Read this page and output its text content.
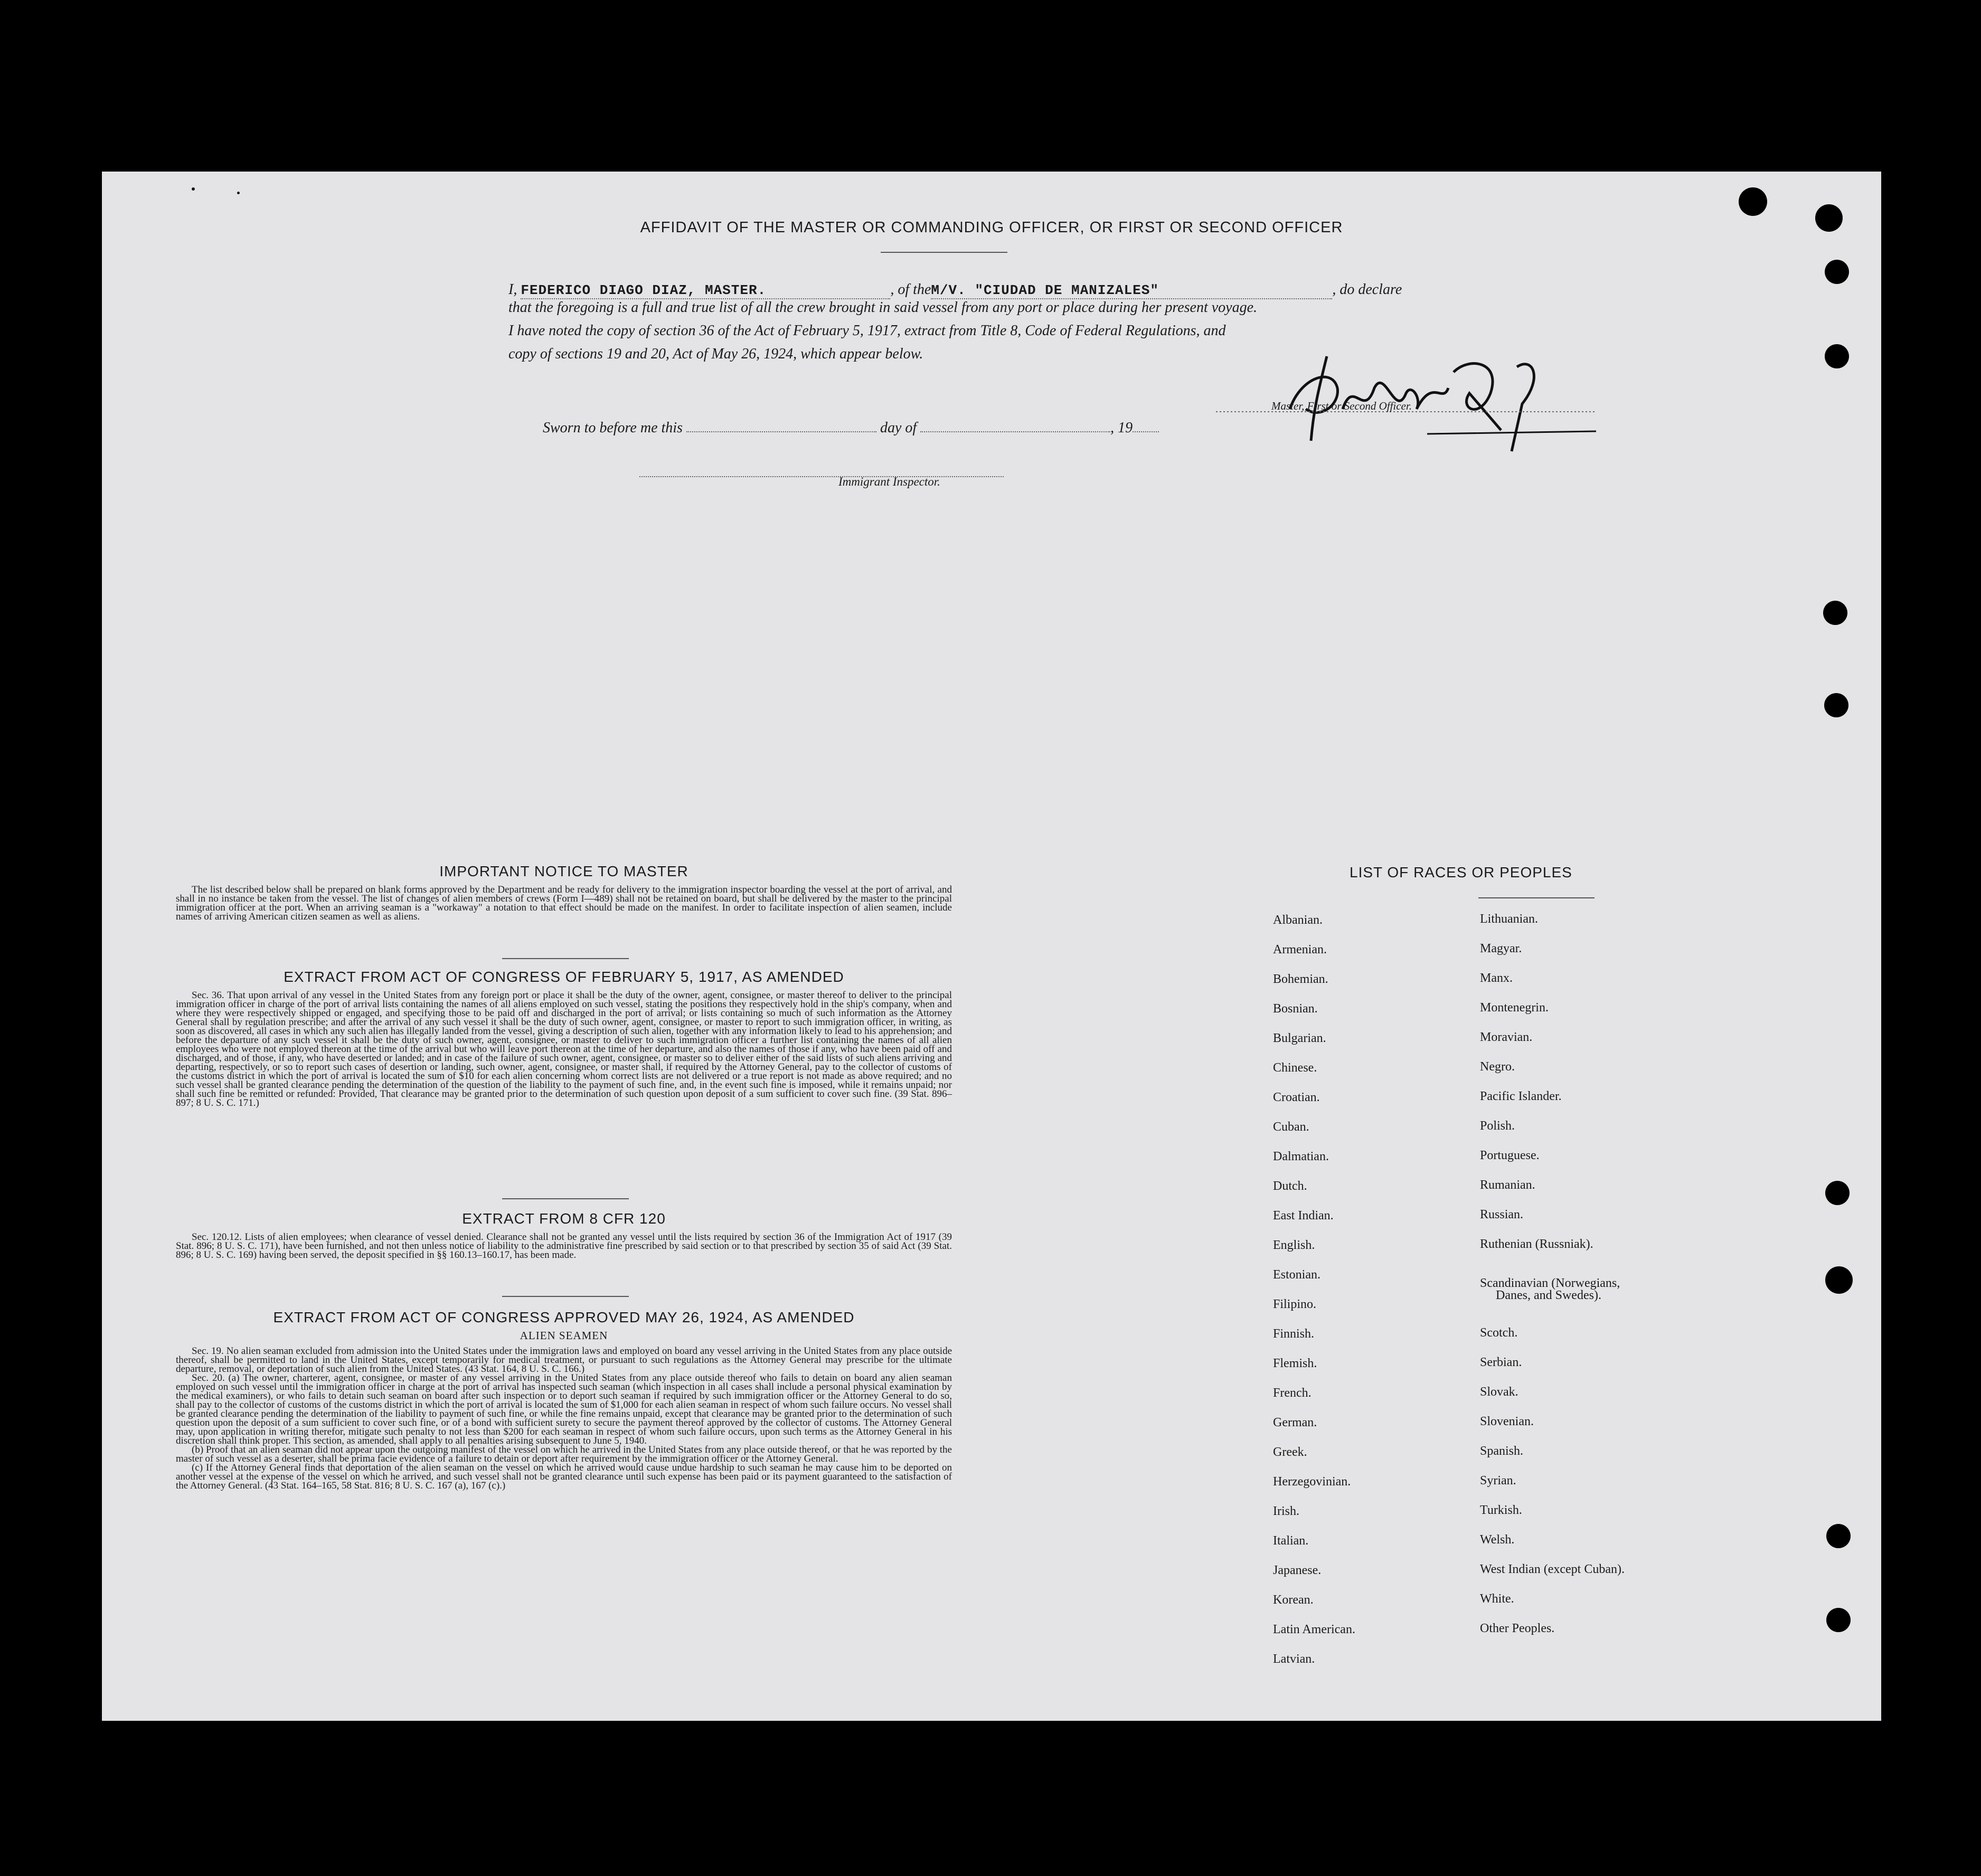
AFFIDAVIT OF THE MASTER OR COMMANDING OFFICER, OR FIRST OR SECOND OFFICER
I, FEDERICO DIAGO DIAZ, MASTER.	, of theM/V. "CIUDAD DE MANIZALES"	, do declare
that the foregoing is a full and true list of all the crew brought in said vessel from any port or place during her present voyage.
I have noted the copy of section 36 of the Act of February 5, 1917, extract from Title 8, Code of Federal Regulations, and
copy of sections 19 and 20, Act of May 26, 1924, which appear below.
Master, First or Second Officer.
Sworn to before me this	day of	, 19
Immigrant Inspector.
IMPORTANT NOTICE TO MASTER

The list described below shall be prepared on blank forms approved by the Department and be ready for delivery to the immigration inspector boarding the vessel at the port of arrival, and shall in no instance be taken from the vessel. The list of changes of alien members of crews (Form I—489) shall not be retained on board, but shall be delivered by the master to the principal immigration officer at the port. When an arriving seaman is a "workaway" a notation to that effect should be made on the manifest. In order to facilitate inspection of alien seamen, include names of arriving American citizen seamen as well as aliens.

EXTRACT FROM ACT OF CONGRESS OF FEBRUARY 5, 1917, AS AMENDED

Sec. 36. That upon arrival of any vessel in the United States from any foreign port or place it shall be the duty of the owner, agent, consignee, or master thereof to deliver to the principal immigration officer in charge of the port of arrival lists containing the names of all aliens employed on such vessel, stating the positions they respectively hold in the ship's company, when and where they were respectively shipped or engaged, and specifying those to be paid off and discharged in the port of arrival; or lists containing so much of such information as the Attorney General shall by regulation prescribe; and after the arrival of any such vessel it shall be the duty of such owner, agent, consignee, or master to report to such immigration officer, in writing, as soon as discovered, all cases in which any such alien has illegally landed from the vessel, giving a description of such alien, together with any information likely to lead to his apprehension; and before the departure of any such vessel it shall be the duty of such owner, agent, consignee, or master to deliver to such immigration officer a further list containing the names of all alien employees who were not employed thereon at the time of the arrival but who will leave port thereon at the time of her departure, and also the names of those if any, who have been paid off and discharged, and of those, if any, who have deserted or landed; and in case of the failure of such owner, agent, consignee, or master so to deliver either of the said lists of such aliens arriving and departing, respectively, or so to report such cases of desertion or landing, such owner, agent, consignee, or master shall, if required by the Attorney General, pay to the collector of customs of the customs district in which the port of arrival is located the sum of $10 for each alien concerning whom correct lists are not delivered or a true report is not made as above required; and no such vessel shall be granted clearance pending the determination of the question of the liability to the payment of such fine, and, in the event such fine is imposed, while it remains unpaid; nor shall such fine be remitted or refunded: Provided, That clearance may be granted prior to the determination of such question upon deposit of a sum sufficient to cover such fine. (39 Stat. 896–897; 8 U. S. C. 171.)

EXTRACT FROM 8 CFR 120

Sec. 120.12. Lists of alien employees; when clearance of vessel denied. Clearance shall not be granted any vessel until the lists required by section 36 of the Immigration Act of 1917 (39 Stat. 896; 8 U. S. C. 171), have been furnished, and not then unless notice of liability to the administrative fine prescribed by said section or to that prescribed by section 35 of said Act (39 Stat. 896; 8 U. S. C. 169) having been served, the deposit specified in §§ 160.13–160.17, has been made.

EXTRACT FROM ACT OF CONGRESS APPROVED MAY 26, 1924, AS AMENDED
ALIEN SEAMEN

Sec. 19. No alien seaman excluded from admission into the United States under the immigration laws and employed on board any vessel arriving in the United States from any place outside thereof, shall be permitted to land in the United States, except temporarily for medical treatment, or pursuant to such regulations as the Attorney General may prescribe for the ultimate departure, removal, or deportation of such alien from the United States. (43 Stat. 164, 8 U. S. C. 166.)

Sec. 20. (a) The owner, charterer, agent, consignee, or master of any vessel arriving in the United States from any place outside thereof who fails to detain on board any alien seaman employed on such vessel until the immigration officer in charge at the port of arrival has inspected such seaman (which inspection in all cases shall include a personal physical examination by the medical examiners), or who fails to detain such seaman on board after such inspection or to deport such seaman if required by such immigration officer or the Attorney General to do so, shall pay to the collector of customs of the customs district in which the port of arrival is located the sum of $1,000 for each alien seaman in respect of whom such failure occurs. No vessel shall be granted clearance pending the determination of the liability to payment of such fine, or while the fine remains unpaid, except that clearance may be granted prior to the determination of such question upon the deposit of a sum sufficient to cover such fine, or of a bond with sufficient surety to secure the payment thereof approved by the collector of customs. The Attorney General may, upon application in writing therefor, mitigate such penalty to not less than $200 for each seaman in respect of whom such failure occurs, upon such terms as the Attorney General in his discretion shall think proper. This section, as amended, shall apply to all penalties arising subsequent to June 5, 1940.

(b) Proof that an alien seaman did not appear upon the outgoing manifest of the vessel on which he arrived in the United States from any place outside thereof, or that he was reported by the master of such vessel as a deserter, shall be prima facie evidence of a failure to detain or deport after requirement by the immigration officer or the Attorney General.

(c) If the Attorney General finds that deportation of the alien seaman on the vessel on which he arrived would cause undue hardship to such seaman he may cause him to be deported on another vessel at the expense of the vessel on which he arrived, and such vessel shall not be granted clearance until such expense has been paid or its payment guaranteed to the satisfaction of the Attorney General. (43 Stat. 164–165, 58 Stat. 816; 8 U. S. C. 167 (a), 167 (c).)

LIST OF RACES OR PEOPLES
Albanian.
Armenian.
Bohemian.
Bosnian.
Bulgarian.
Chinese.
Croatian.
Cuban.
Dalmatian.
Dutch.
East Indian.
English.
Estonian.
Filipino.
Finnish.
Flemish.
French.
German.
Greek.
Herzegovinian.
Irish.
Italian.
Japanese.
Korean.
Latin American.
Latvian.
Lithuanian.
Magyar.
Manx.
Montenegrin.
Moravian.
Negro.
Pacific Islander.
Polish.
Portuguese.
Rumanian.
Russian.
Ruthenian (Russniak).
Scandinavian (Norwegians,
Danes, and Swedes).
Scotch.
Serbian.
Slovak.
Slovenian.
Spanish.
Syrian.
Turkish.
Welsh.
West Indian (except Cuban).
White.
Other Peoples.
